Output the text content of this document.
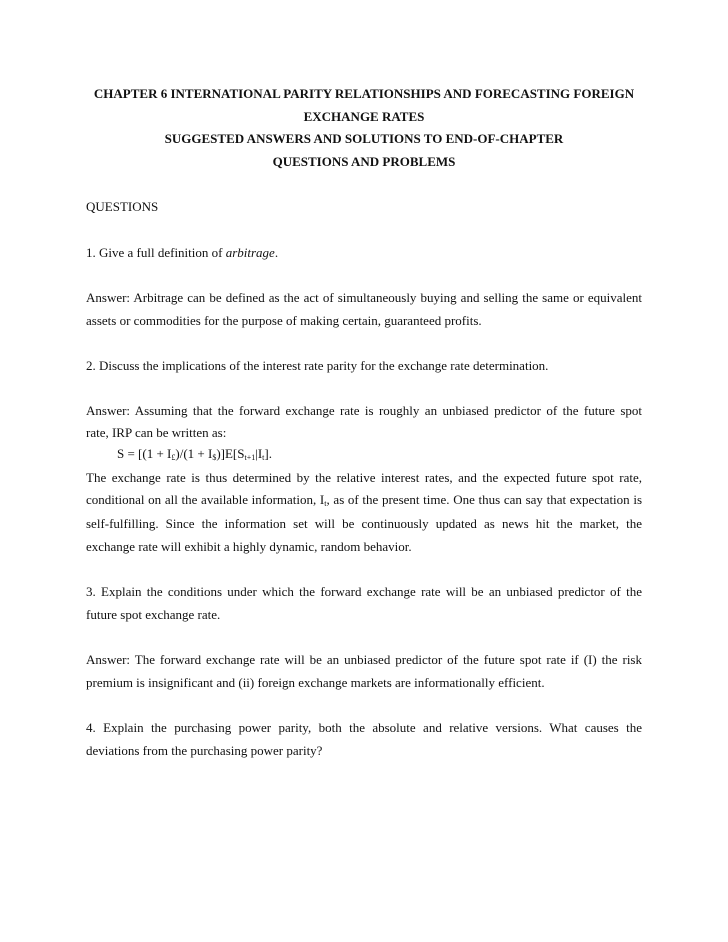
CHAPTER 6 INTERNATIONAL PARITY RELATIONSHIPS AND FORECASTING FOREIGN
EXCHANGE RATES
SUGGESTED ANSWERS AND SOLUTIONS TO END-OF-CHAPTER
QUESTIONS AND PROBLEMS
QUESTIONS
1. Give a full definition of arbitrage.
Answer: Arbitrage can be defined as the act of simultaneously buying and selling the same or equivalent
assets or commodities for the purpose of making certain, guaranteed profits.
2. Discuss the implications of the interest rate parity for the exchange rate determination.
Answer: Assuming that the forward exchange rate is roughly an unbiased predictor of the future spot
rate, IRP can be written as:
$S = [(1 + I_£)/(1 + I_{\$})]E[S_{t+1}|I_t]$.
The exchange rate is thus determined by the relative interest rates, and the expected future spot rate,
conditional on all the available information, $I_t$, as of the present time. One thus can say that expectation is
self-fulfilling. Since the information set will be continuously updated as news hit the market, the
exchange rate will exhibit a highly dynamic, random behavior.
3. Explain the conditions under which the forward exchange rate will be an unbiased predictor of the
future spot exchange rate.
Answer: The forward exchange rate will be an unbiased predictor of the future spot rate if (I) the risk
premium is insignificant and (ii) foreign exchange markets are informationally efficient.
4. Explain the purchasing power parity, both the absolute and relative versions. What causes the
deviations from the purchasing power parity?
